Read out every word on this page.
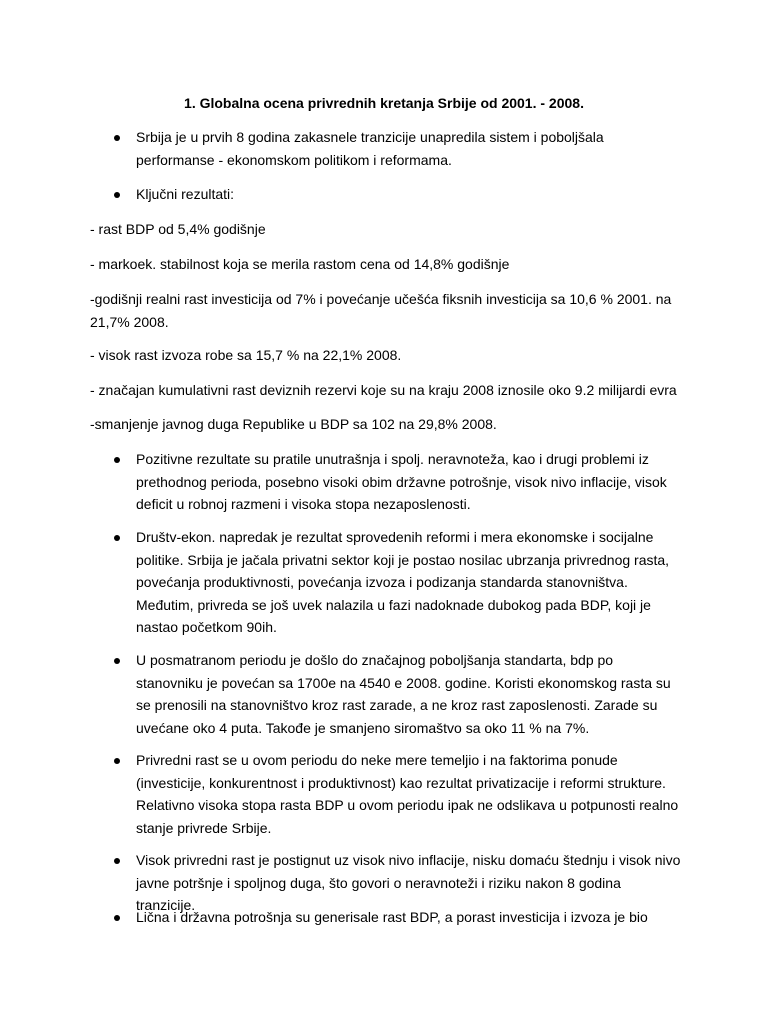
1. Globalna ocena privrednih kretanja Srbije od 2001. - 2008.
Srbija je u prvih 8 godina zakasnele tranzicije unapredila sistem i poboljšala performanse - ekonomskom politikom i reformama.
Ključni rezultati:
- rast BDP od 5,4% godišnje
- markoek. stabilnost koja se merila rastom cena od 14,8% godišnje
-godišnji realni rast investicija od 7% i povećanje učešća fiksnih investicija sa 10,6 % 2001. na 21,7% 2008.
- visok rast izvoza robe sa 15,7 % na 22,1% 2008.
- značajan kumulativni rast deviznih rezervi koje su na kraju 2008 iznosile oko 9.2 milijardi evra
-smanjenje javnog duga Republike u BDP sa 102 na 29,8% 2008.
Pozitivne rezultate su pratile unutrašnja i spolj. neravnoteža, kao i drugi problemi iz prethodnog perioda, posebno visoki obim državne potrošnje, visok nivo inflacije, visok deficit u robnoj razmeni i visoka stopa nezaposlenosti.
Društv-ekon. napredak je rezultat sprovedenih reformi i mera ekonomske i socijalne politike. Srbija je jačala privatni sektor koji je postao nosilac ubrzanja privrednog rasta, povećanja produktivnosti, povećanja izvoza i podizanja standarda stanovništva. Međutim, privreda se još uvek nalazila u fazi nadoknade dubokog pada BDP, koji je nastao početkom 90ih.
U posmatranom periodu je došlo do značajnog poboljšanja standarta, bdp po stanovniku je povećan sa 1700e na 4540 e 2008. godine. Koristi ekonomskog rasta su se prenosili na stanovništvo kroz rast zarade, a ne kroz rast zaposlenosti. Zarade su uvećane oko 4 puta. Takođe je smanjeno siromaštvo sa oko 11 % na 7%.
Privredni rast se u ovom periodu do neke mere temeljio i na faktorima ponude (investicije, konkurentnost i produktivnost) kao rezultat privatizacije i reformi strukture. Relativno visoka stopa rasta BDP u ovom periodu ipak ne odslikava u potpunosti realno stanje privrede Srbije.
Visok privredni rast je postignut uz visok nivo inflacije, nisku domaću štednju i visok nivo javne potršnje i spoljnog duga, što govori o neravnoteži i riziku nakon 8 godina tranzicije.
Lična i državna potrošnja su generisale rast BDP, a porast investicija i izvoza je bio
